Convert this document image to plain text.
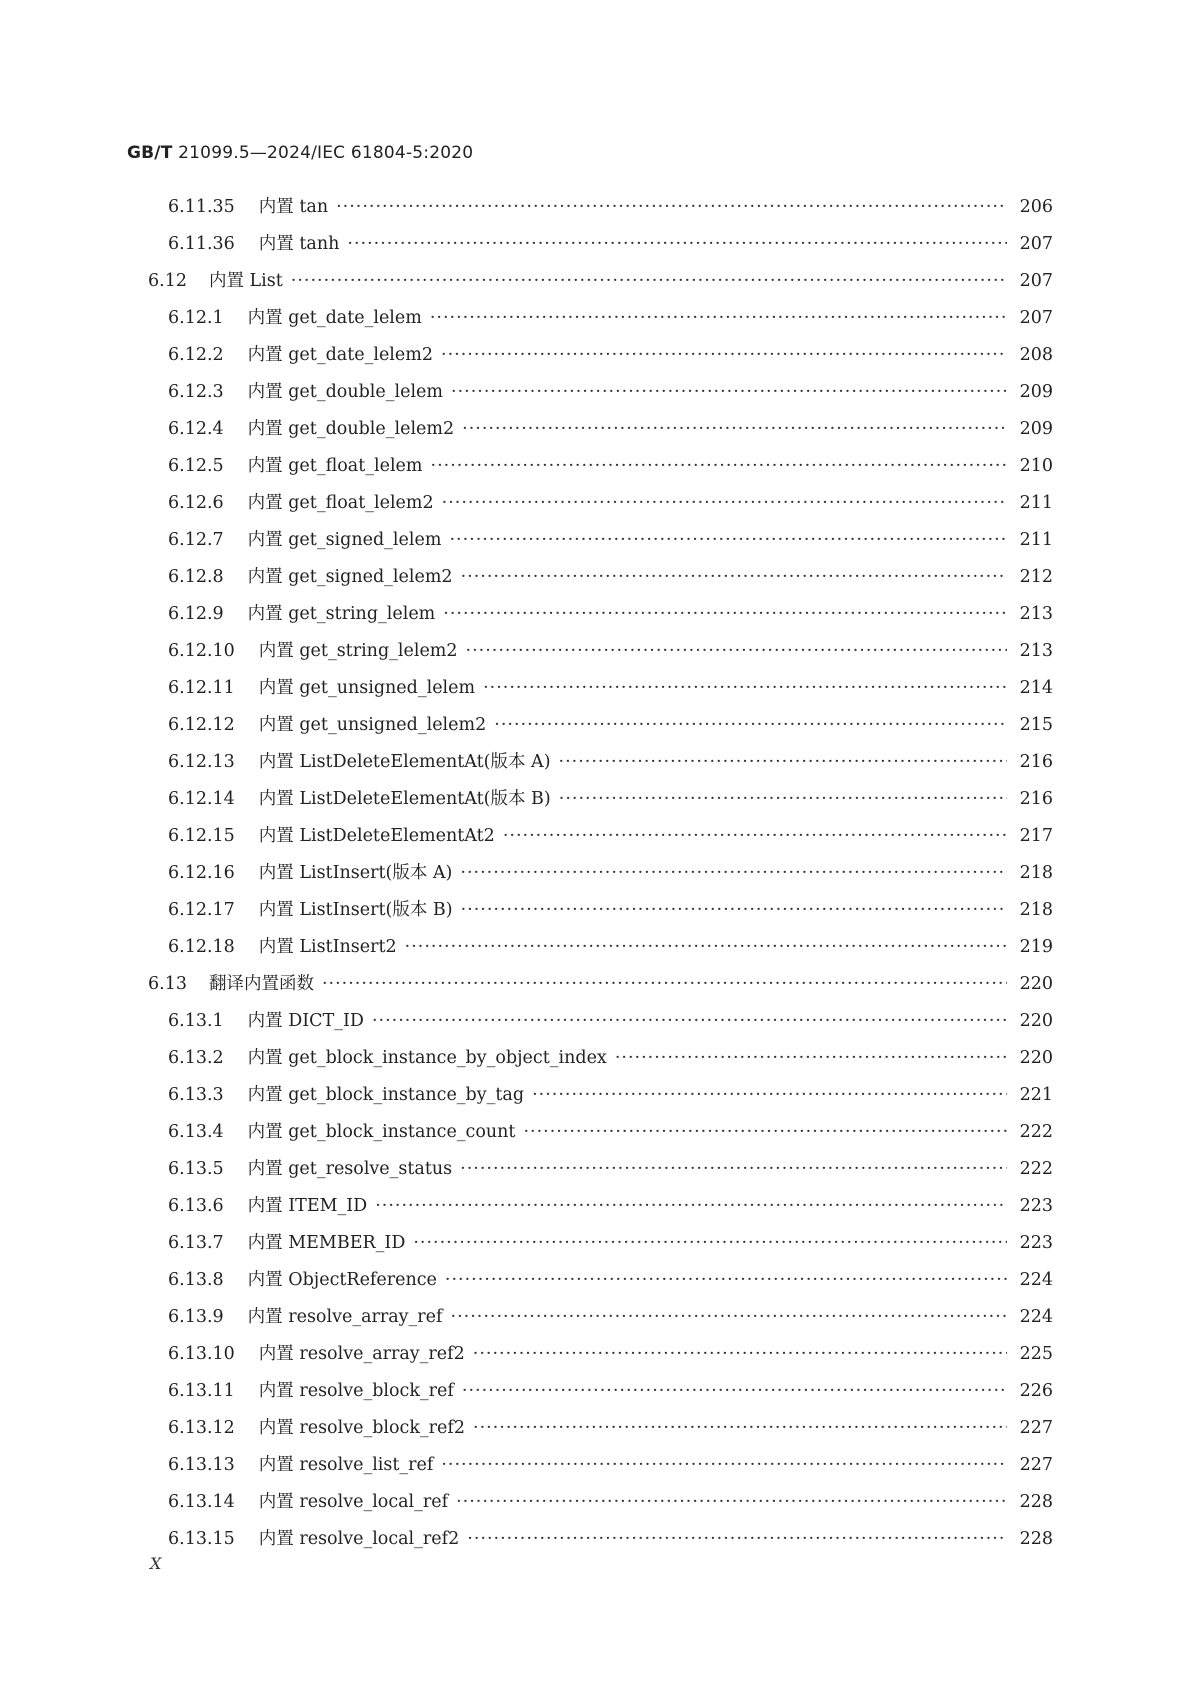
GB/T 21099.5—2024/IEC 61804-5:2020
6.11.35 内置 tan ·····	206
6.11.36 内置 tanh ·····	207
6.12 内置 List ·····	207
6.12.1 内置 get_date_lelem ·····	207
6.12.2 内置 get_date_lelem2 ·····	208
6.12.3 内置 get_double_lelem ·····	209
6.12.4 内置 get_double_lelem2 ·····	209
6.12.5 内置 get_float_lelem ·····	210
6.12.6 内置 get_float_lelem2 ·····	211
6.12.7 内置 get_signed_lelem ·····	211
6.12.8 内置 get_signed_lelem2 ·····	212
6.12.9 内置 get_string_lelem ·····	213
6.12.10 内置 get_string_lelem2 ·····	213
6.12.11 内置 get_unsigned_lelem ·····	214
6.12.12 内置 get_unsigned_lelem2 ·····	215
6.12.13 内置 ListDeleteElementAt(版本 A) ·····	216
6.12.14 内置 ListDeleteElementAt(版本 B) ·····	216
6.12.15 内置 ListDeleteElementAt2 ·····	217
6.12.16 内置 ListInsert(版本 A) ·····	218
6.12.17 内置 ListInsert(版本 B) ·····	218
6.12.18 内置 ListInsert2 ·····	219
6.13 翻译内置函数 ·····	220
6.13.1 内置 DICT_ID ·····	220
6.13.2 内置 get_block_instance_by_object_index ·····	220
6.13.3 内置 get_block_instance_by_tag ·····	221
6.13.4 内置 get_block_instance_count ·····	222
6.13.5 内置 get_resolve_status ·····	222
6.13.6 内置 ITEM_ID ·····	223
6.13.7 内置 MEMBER_ID ·····	223
6.13.8 内置 ObjectReference ·····	224
6.13.9 内置 resolve_array_ref ·····	224
6.13.10 内置 resolve_array_ref2 ·····	225
6.13.11 内置 resolve_block_ref ·····	226
6.13.12 内置 resolve_block_ref2 ·····	227
6.13.13 内置 resolve_list_ref ·····	227
6.13.14 内置 resolve_local_ref ·····	228
6.13.15 内置 resolve_local_ref2 ·····	228
X
